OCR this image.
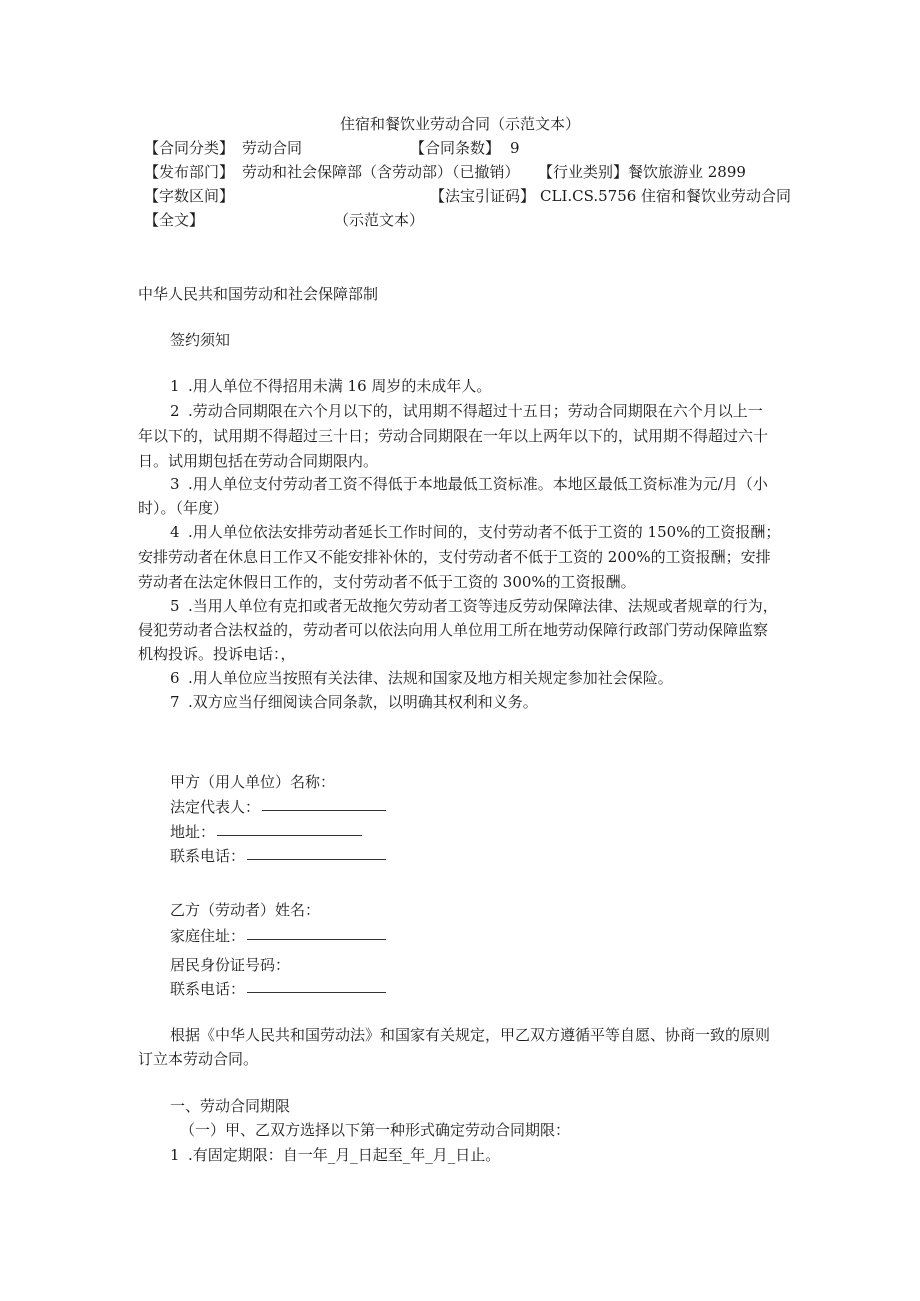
住宿和餐饮业劳动合同（示范文本）
【合同分类】 劳动合同	【合同条数】 9
【发布部门】 劳动和社会保障部（含劳动部）（已撤销） 【行业类别】 餐饮旅游业 2899
【字数区间】	【法宝引证码】 CLI.CS.5756 住宿和餐饮业劳动合同
【全文】	（示范文本）
中华人民共和国劳动和社会保障部制
签约须知
1 .用人单位不得招用未满 16 周岁的未成年人。
2 .劳动合同期限在六个月以下的，试用期不得超过十五日；劳动合同期限在六个月以上一
年以下的，试用期不得超过三十日；劳动合同期限在一年以上两年以下的，试用期不得超过六十
日。试用期包括在劳动合同期限内。
3 .用人单位支付劳动者工资不得低于本地最低工资标准。本地区最低工资标准为元/月（小
时）。（年度）
4 .用人单位依法安排劳动者延长工作时间的，支付劳动者不低于工资的 150%的工资报酬；
安排劳动者在休息日工作又不能安排补休的，支付劳动者不低于工资的 200%的工资报酬；安排
劳动者在法定休假日工作的，支付劳动者不低于工资的 300%的工资报酬。
5 .当用人单位有克扣或者无故拖欠劳动者工资等违反劳动保障法律、法规或者规章的行为，
侵犯劳动者合法权益的，劳动者可以依法向用人单位用工所在地劳动保障行政部门劳动保障监察
机构投诉。投诉电话：，
6 .用人单位应当按照有关法律、法规和国家及地方相关规定参加社会保险。
7 .双方应当仔细阅读合同条款，以明确其权利和义务。
甲方（用人单位）名称：
法定代表人：
地址：
联系电话：
乙方（劳动者）姓名：
家庭住址：
居民身份证号码：
联系电话：
根据《中华人民共和国劳动法》和国家有关规定，甲乙双方遵循平等自愿、协商一致的原则
订立本劳动合同。
一、劳动合同期限
（一）甲、乙双方选择以下第一种形式确定劳动合同期限：
1 .有固定期限：自一年_月_日起至_年_月_日止。
